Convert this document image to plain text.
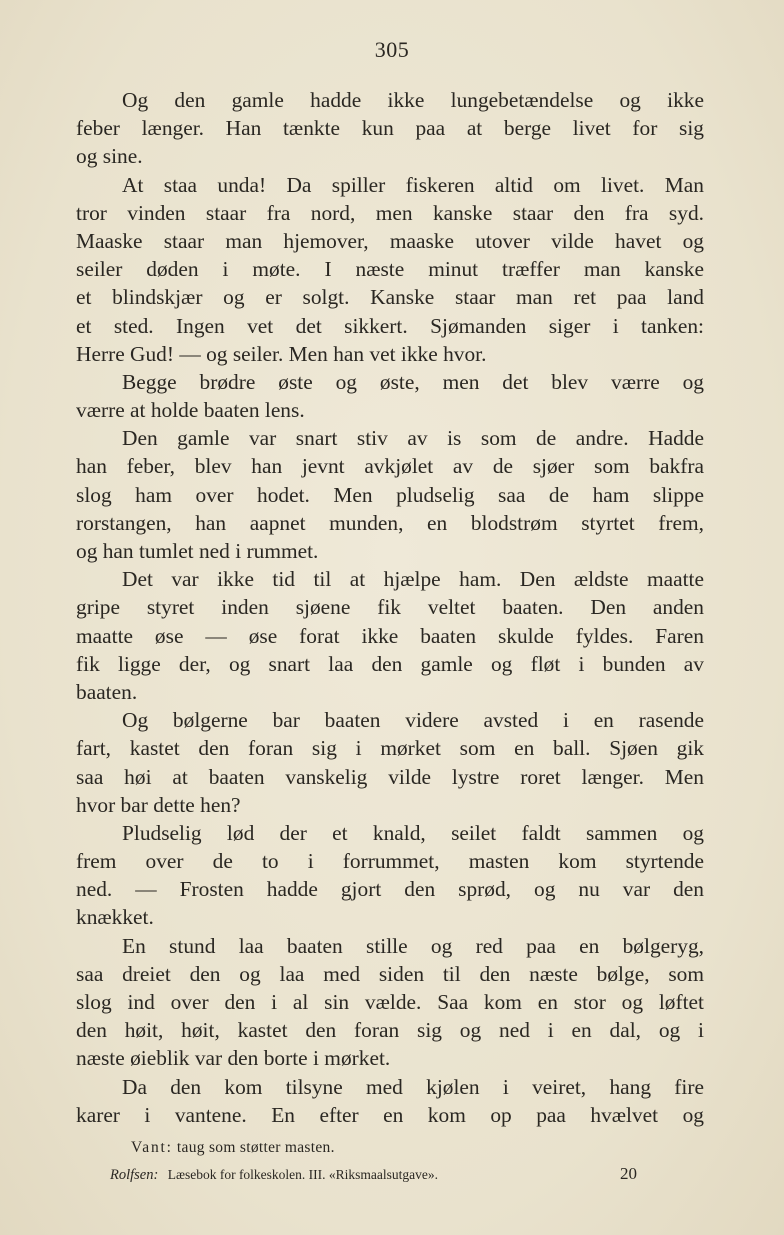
305
Og den gamle hadde ikke lungebetændelse og ikke
feber længer. Han tænkte kun paa at berge livet for sig
og sine.
At staa unda! Da spiller fiskeren altid om livet. Man
tror vinden staar fra nord, men kanske staar den fra syd.
Maaske staar man hjemover, maaske utover vilde havet og
seiler døden i møte. I næste minut træffer man kanske
et blindskjær og er solgt. Kanske staar man ret paa land
et sted. Ingen vet det sikkert. Sjømanden siger i tanken:
Herre Gud! — og seiler. Men han vet ikke hvor.
Begge brødre øste og øste, men det blev værre og
værre at holde baaten lens.
Den gamle var snart stiv av is som de andre. Hadde
han feber, blev han jevnt avkjølet av de sjøer som bakfra
slog ham over hodet. Men pludselig saa de ham slippe
rorstangen, han aapnet munden, en blodstrøm styrtet frem,
og han tumlet ned i rummet.
Det var ikke tid til at hjælpe ham. Den ældste maatte
gripe styret inden sjøene fik veltet baaten. Den anden
maatte øse — øse forat ikke baaten skulde fyldes. Faren
fik ligge der, og snart laa den gamle og fløt i bunden av
baaten.
Og bølgerne bar baaten videre avsted i en rasende
fart, kastet den foran sig i mørket som en ball. Sjøen gik
saa høi at baaten vanskelig vilde lystre roret længer. Men
hvor bar dette hen?
Pludselig lød der et knald, seilet faldt sammen og
frem over de to i forrummet, masten kom styrtende
ned. — Frosten hadde gjort den sprød, og nu var den
knækket.
En stund laa baaten stille og red paa en bølgeryg,
saa dreiet den og laa med siden til den næste bølge, som
slog ind over den i al sin vælde. Saa kom en stor og løftet
den høit, høit, kastet den foran sig og ned i en dal, og i
næste øieblik var den borte i mørket.
Da den kom tilsyne med kjølen i veiret, hang fire
karer i vantene. En efter en kom op paa hvælvet og
Vant: taug som støtter masten.
Rolfsen: Læsebok for folkeskolen. III. «Riksmaalsutgave».	20
